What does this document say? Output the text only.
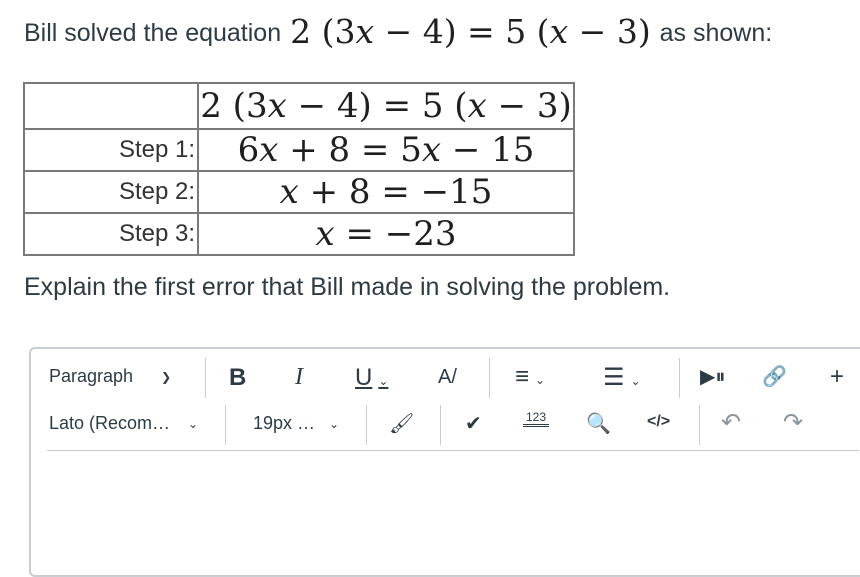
Bill solved the equation 2 (3x − 4) = 5 (x − 3) as shown:
	2 (3x − 4) = 5 (x − 3)
Step 1:	6x + 8 = 5x − 15
Step 2:	x + 8 = −15
Step 3:	x = −23
Explain the first error that Bill made in solving the problem.
Paragraph ❯ B I U ⌄ A/ ≡ ⌄ ☰ ⌄	▶⏸ 🔗 +
Lato (Recom… ⌄	19px … ⌄ 🖌	✔	123 🔍 </> ↶ ↷
